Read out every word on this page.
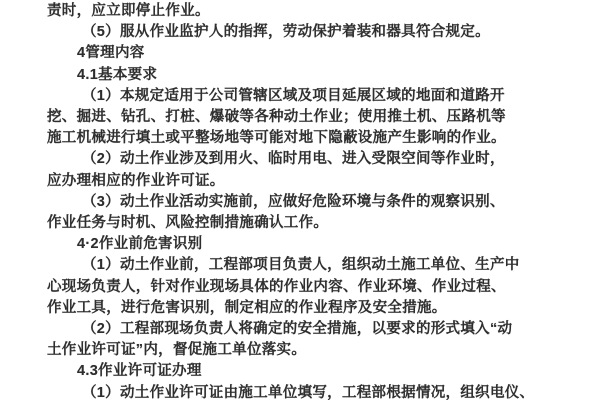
责时，应立即停止作业。
（5）服从作业监护人的指挥，劳动保护着装和器具符合规定。
4管理内容
4.1基本要求
（1）本规定适用于公司管辖区域及项目延展区域的地面和道路开
挖、掘进、钻孔、打桩、爆破等各种动土作业；使用推土机、压路机等
施工机械进行填土或平整场地等可能对地下隐蔽设施产生影响的作业。
（2）动土作业涉及到用火、临时用电、进入受限空间等作业时，
应办理相应的作业许可证。
（3）动土作业活动实施前，应做好危险环境与条件的观察识别、
作业任务与时机、风险控制措施确认工作。
4·2作业前危害识别
（1）动土作业前，工程部项目负责人，组织动土施工单位、生产中
心现场负责人，针对作业现场具体的作业内容、作业环境、作业过程、
作业工具，进行危害识别，制定相应的作业程序及安全措施。
（2）工程部现场负责人将确定的安全措施，以要求的形式填入“动
土作业许可证”内，督促施工单位落实。
4.3作业许可证办理
（1）动土作业许可证由施工单位填写，工程部根据情况，组织电仪、
